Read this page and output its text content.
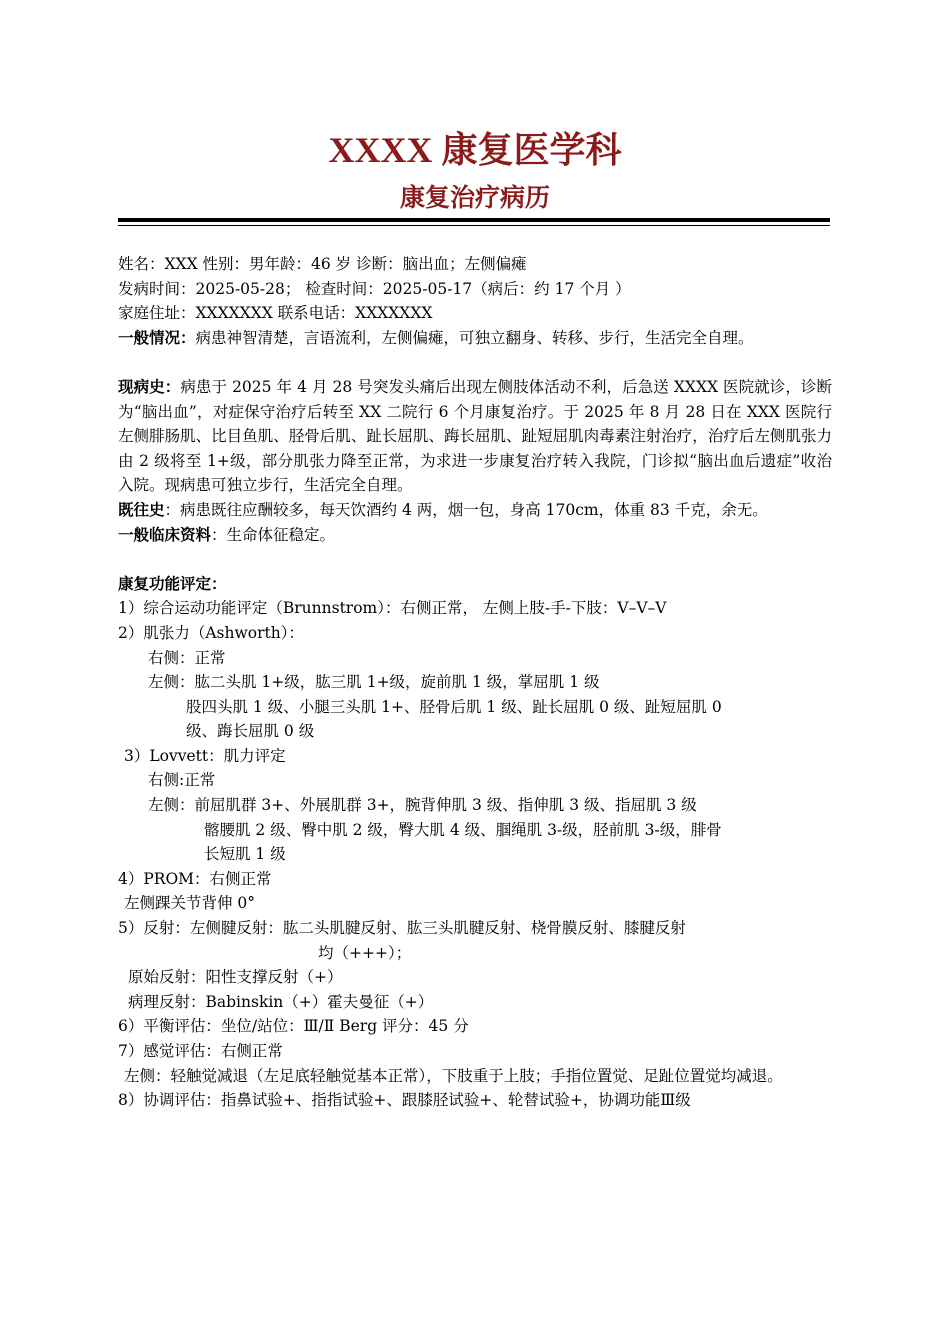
XXXX 康复医学科
康复治疗病历
姓名：XXX 性别：男年龄：46 岁 诊断：脑出血；左侧偏瘫
发病时间：2025-05-28； 检查时间：2025-05-17（病后：约 17 个月 ）
家庭住址：XXXXXXX 联系电话：XXXXXXX
一般情况：病患神智清楚，言语流利，左侧偏瘫，可独立翻身、转移、步行，生活完全自理。
现病史：病患于 2025 年 4 月 28 号突发头痛后出现左侧肢体活动不利，后急送 XXXX 医院就诊，诊断为“脑出血”，对症保守治疗后转至 XX 二院行 6 个月康复治疗。于 2025 年 8 月 28 日在 XXX 医院行左侧腓肠肌、比目鱼肌、胫骨后肌、趾长屈肌、踇长屈肌、趾短屈肌肉毒素注射治疗，治疗后左侧肌张力由 2 级将至 1+级，部分肌张力降至正常，为求进一步康复治疗转入我院，门诊拟“脑出血后遗症”收治入院。现病患可独立步行，生活完全自理。
既往史：病患既往应酬较多，每天饮酒约 4 两，烟一包，身高 170cm，体重 83 千克，余无。
一般临床资料：生命体征稳定。
康复功能评定：
1）综合运动功能评定（Brunnstrom）：右侧正常， 左侧上肢-手-下肢：Ⅴ–Ⅴ–Ⅴ
2）肌张力（Ashworth）：
右侧：正常
左侧：肱二头肌 1+级，肱三肌 1+级，旋前肌 1 级，掌屈肌 1 级
股四头肌 1 级、小腿三头肌 1+、胫骨后肌 1 级、趾长屈肌 0 级、趾短屈肌 0
级、踇长屈肌 0 级
3）Lovvett：肌力评定
右侧:正常
左侧：前屈肌群 3+、外展肌群 3+，腕背伸肌 3 级、指伸肌 3 级、指屈肌 3 级
髂腰肌 2 级、臀中肌 2 级，臀大肌 4 级、腘绳肌 3-级，胫前肌 3-级，腓骨
长短肌 1 级
4）PROM：右侧正常
左侧踝关节背伸 0°
5）反射：左侧腱反射：肱二头肌腱反射、肱三头肌腱反射、桡骨膜反射、膝腱反射
均（+++）；
原始反射：阳性支撑反射（+）
病理反射：Babinskin（+）霍夫曼征（+）
6）平衡评估：坐位/站位：Ⅲ/Ⅱ Berg 评分：45 分
7）感觉评估：右侧正常
左侧：轻触觉减退（左足底轻触觉基本正常），下肢重于上肢；手指位置觉、足趾位置觉均减退。
8）协调评估：指鼻试验+、指指试验+、跟膝胫试验+、轮替试验+，协调功能Ⅲ级
